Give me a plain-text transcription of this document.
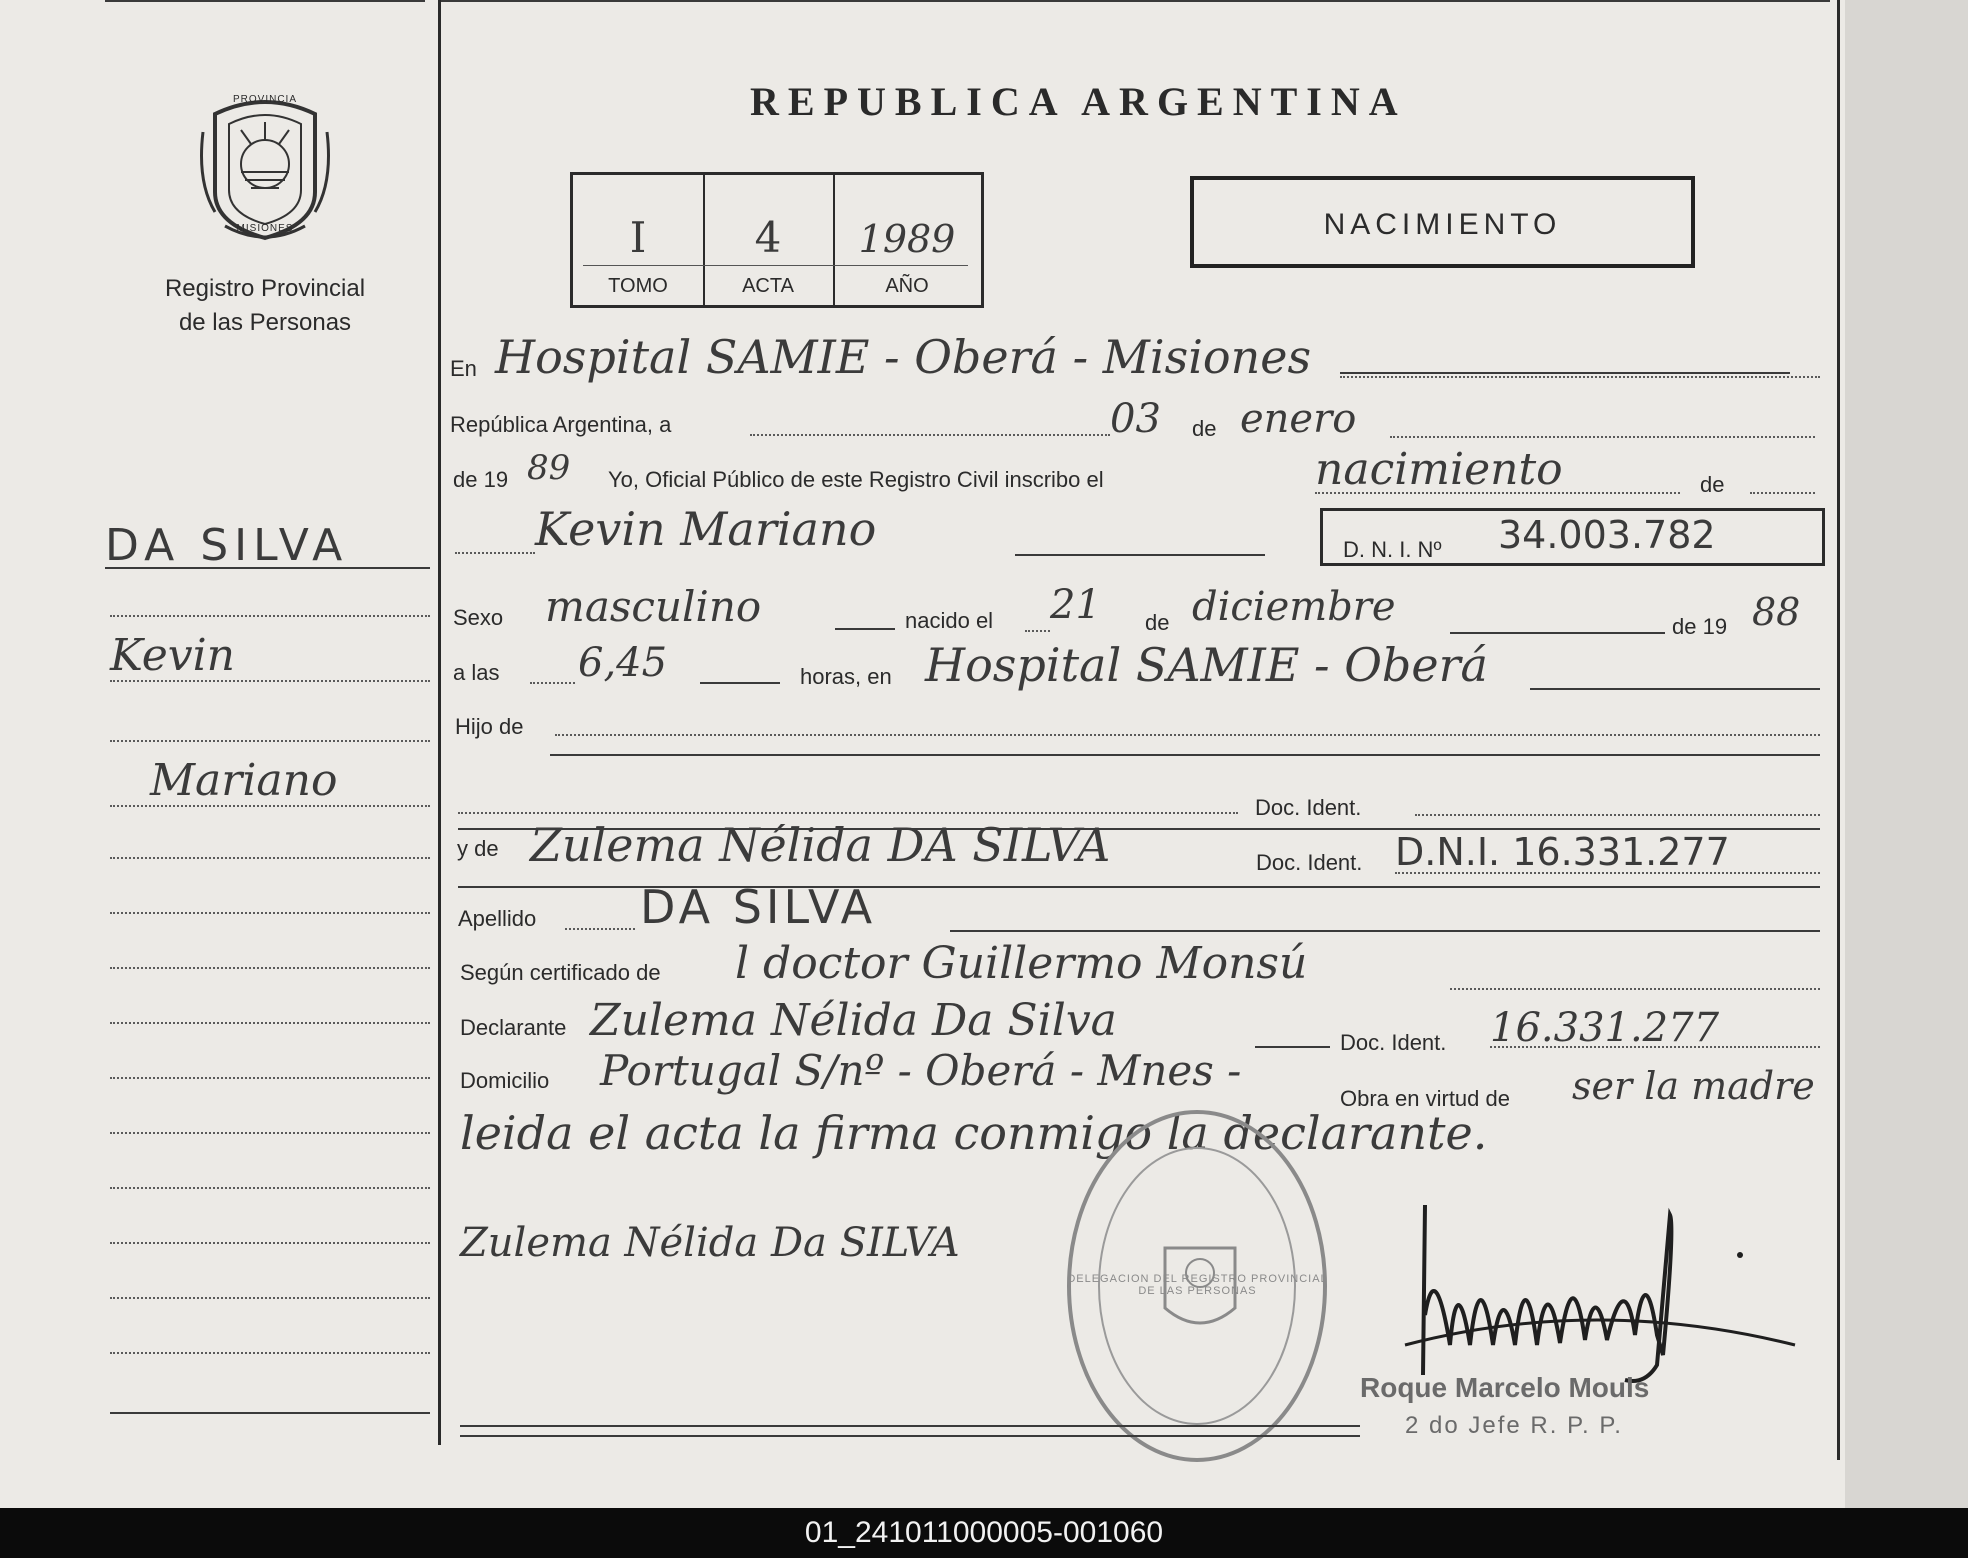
PROVINCIA
MISIONES
Registro Provincial
de las Personas
DA SILVA
Kevin
Mariano
REPUBLICA ARGENTINA
I	4	1989
TOMO	ACTA	AÑO
NACIMIENTO
En Hospital SAMIE - Oberá - Misiones
República Argentina, a	03 de enero
de 19 89 Yo, Oficial Público de este Registro Civil inscribo el	nacimiento	de
Kevin Mariano	D. N. I. Nº 34.003.782
Sexo masculino	nacido el 21 de diciembre	de 19 88
a las 6,45	horas, en Hospital SAMIE - Oberá
Hijo de
Doc. Ident.
y de Zulema Nélida DA SILVA	Doc. Ident. D.N.I. 16.331.277
Apellido DA SILVA
Según certificado de l doctor Guillermo Monsú
Declarante Zulema Nélida Da Silva	Doc. Ident. 16.331.277
Domicilio Portugal S/nº - Oberá - Mnes -
Obra en virtud de ser la madre
leida el acta la firma conmigo la declarante.
DELEGACION DEL REGISTRO PROVINCIAL DE LAS PERSONAS
Zulema Nélida Da SILVA
Roque Marcelo Mouls
2 do Jefe R. P. P.
01_241011000005-001060
